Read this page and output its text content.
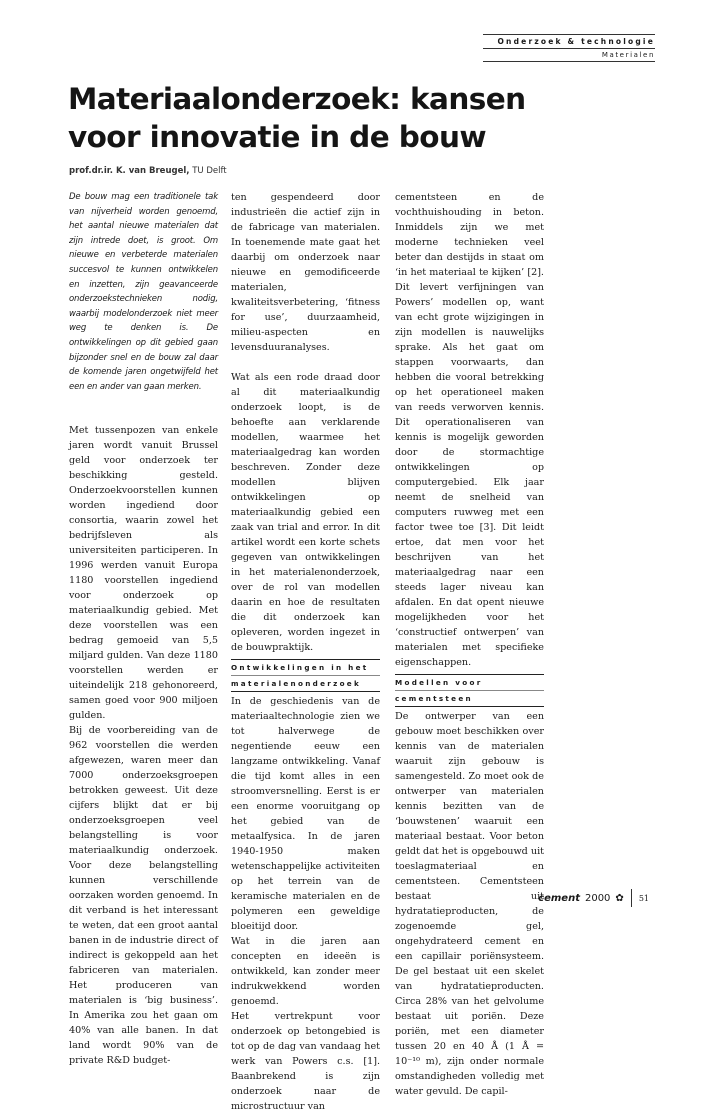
Onderzoek & technologie
Materialen
Materiaalonderzoek: kansen
voor innovatie in de bouw
prof.dr.ir. K. van Breugel, TU Delft

De bouw mag een traditionele tak van nijverheid worden genoemd, het aantal nieuwe materialen dat zijn intrede doet, is groot. Om nieuwe en verbeterde materialen succesvol te kunnen ontwikkelen en inzetten, zijn geavanceerde onderzoekstechnieken nodig, waarbij modelonderzoek niet meer weg te denken is. De ontwikkelingen op dit gebied gaan bijzonder snel en de bouw zal daar de komende jaren ongetwijfeld het een en ander van gaan merken.

Met tussenpozen van enkele jaren wordt vanuit Brussel geld voor onderzoek ter beschikking gesteld. Onderzoekvoorstellen kunnen worden ingediend door consortia, waarin zowel het bedrijfsleven als universiteiten participeren. In 1996 werden vanuit Europa 1180 voorstellen ingediend voor onderzoek op materiaalkundig gebied. Met deze voorstellen was een bedrag gemoeid van 5,5 miljard gulden. Van deze 1180 voorstellen werden er uiteindelijk 218 gehonoreerd, samen goed voor 900 miljoen gulden.

Bij de voorbereiding van de 962 voorstellen die werden afgewezen, waren meer dan 7000 onderzoeksgroepen betrokken geweest. Uit deze cijfers blijkt dat er bij onderzoeksgroepen veel belangstelling is voor materiaalkundig onderzoek. Voor deze belangstelling kunnen verschillende oorzaken worden genoemd. In dit verband is het interessant te weten, dat een groot aantal banen in de industrie direct of indirect is gekoppeld aan het fabriceren van materialen. Het produceren van materialen is ‘big business’. In Amerika zou het gaan om 40% van alle banen. In dat land wordt 90% van de private R&D budget-

ten gespendeerd door industrieën die actief zijn in de fabricage van materialen. In toenemende mate gaat het daarbij om onderzoek naar nieuwe en gemodificeerde materialen, kwaliteitsverbetering, ‘fitness for use’, duurzaamheid, milieu-aspecten en levensduuranalyses.

Wat als een rode draad door al dit materiaalkundig onderzoek loopt, is de behoefte aan verklarende modellen, waarmee het materiaalgedrag kan worden beschreven. Zonder deze modellen blijven ontwikkelingen op materiaalkundig gebied een zaak van trial and error. In dit artikel wordt een korte schets gegeven van ontwikkelingen in het materialenonderzoek, over de rol van modellen daarin en hoe de resultaten die dit onderzoek kan opleveren, worden ingezet in de bouwpraktijk.

Ontwikkelingen in het
materialenonderzoek

In de geschiedenis van de materiaaltechnologie zien we tot halverwege de negentiende eeuw een langzame ontwikkeling. Vanaf die tijd komt alles in een stroomversnelling. Eerst is er een enorme vooruitgang op het gebied van de metaalfysica. In de jaren 1940-1950 maken wetenschappelijke activiteiten op het terrein van de keramische materialen en de polymeren een geweldige bloeitijd door.

Wat in die jaren aan concepten en ideeën is ontwikkeld, kan zonder meer indrukwekkend worden genoemd.

Het vertrekpunt voor onderzoek op betongebied is tot op de dag van vandaag het werk van Powers c.s. [1]. Baanbrekend is zijn onderzoek naar de microstructuur van

cementsteen en de vochthuishouding in beton. Inmiddels zijn we met moderne technieken veel beter dan destijds in staat om ‘in het materiaal te kijken’ [2]. Dit levert verfijningen van Powers’ modellen op, want van echt grote wijzigingen in zijn modellen is nauwelijks sprake. Als het gaat om stappen voorwaarts, dan hebben die vooral betrekking op het operationeel maken van reeds verworven kennis. Dit operationaliseren van kennis is mogelijk geworden door de stormachtige ontwikkelingen op computergebied. Elk jaar neemt de snelheid van computers ruwweg met een factor twee toe [3]. Dit leidt ertoe, dat men voor het beschrijven van het materiaalgedrag naar een steeds lager niveau kan afdalen. En dat opent nieuwe mogelijkheden voor het ‘constructief ontwerpen’ van materialen met specifieke eigenschappen.

Modellen voor
cementsteen

De ontwerper van een gebouw moet beschikken over kennis van de materialen waaruit zijn gebouw is samengesteld. Zo moet ook de ontwerper van materialen kennis bezitten van de ‘bouwstenen’ waaruit een materiaal bestaat. Voor beton geldt dat het is opgebouwd uit toeslagmateriaal en cementsteen. Cementsteen bestaat uit hydratatieproducten, de zogenoemde gel, ongehydrateerd cement en een capillair poriënsysteem. De gel bestaat uit een skelet van hydratatieproducten. Circa 28% van het gelvolume bestaat uit poriën. Deze poriën, met een diameter tussen 20 en 40 Å (1 Å = 10⁻¹⁰ m), zijn onder normale omstandigheden volledig met water gevuld. De capil-

cement 2000 ✿ 51
